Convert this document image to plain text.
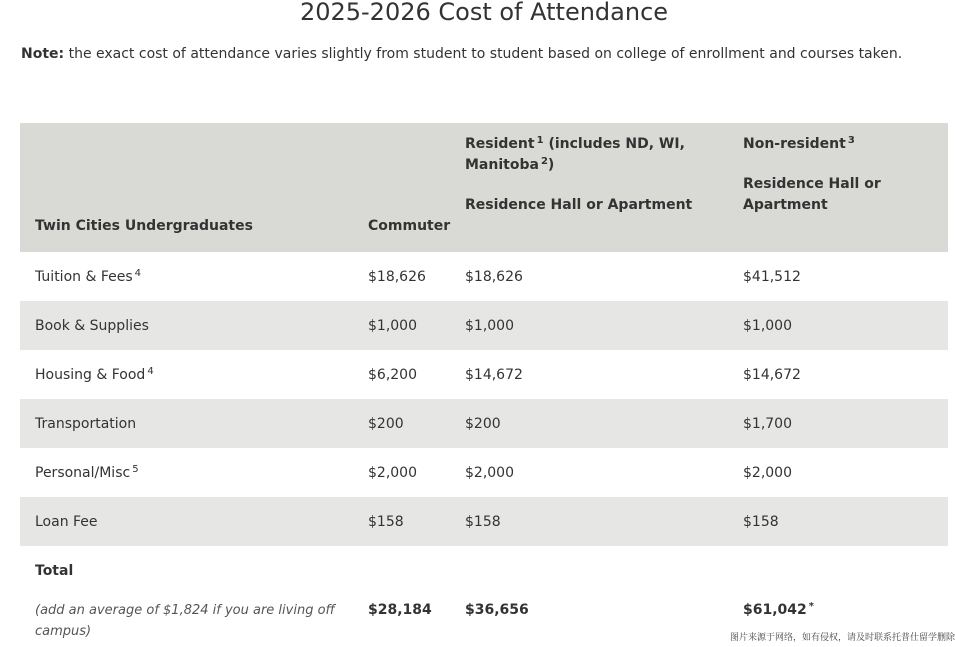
2025-2026 Cost of Attendance
Note: the exact cost of attendance varies slightly from student to student based on college of enrollment and courses taken.
Twin Cities Undergraduates	Commuter	Resident $^1$ (includes ND, WI,
Manitoba $^2$)
Residence Hall or Apartment	Non-resident $^3$
Residence Hall or
Apartment

Tuition & Fees $^4$	$18,626	$18,626	$41,512
Book & Supplies	$1,000	$1,000	$1,000
Housing & Food $^4$	$6,200	$14,672	$14,672
Transportation	$200	$200	$1,700
Personal/Misc $^5$	$2,000	$2,000	$2,000
Loan Fee	$158	$158	$158
Total			
(add an average of $1,824 if you are living off campus)	$28,184	$36,656	$61,042 *
图片来源于网络，如有侵权，请及时联系托普仕留学删除
